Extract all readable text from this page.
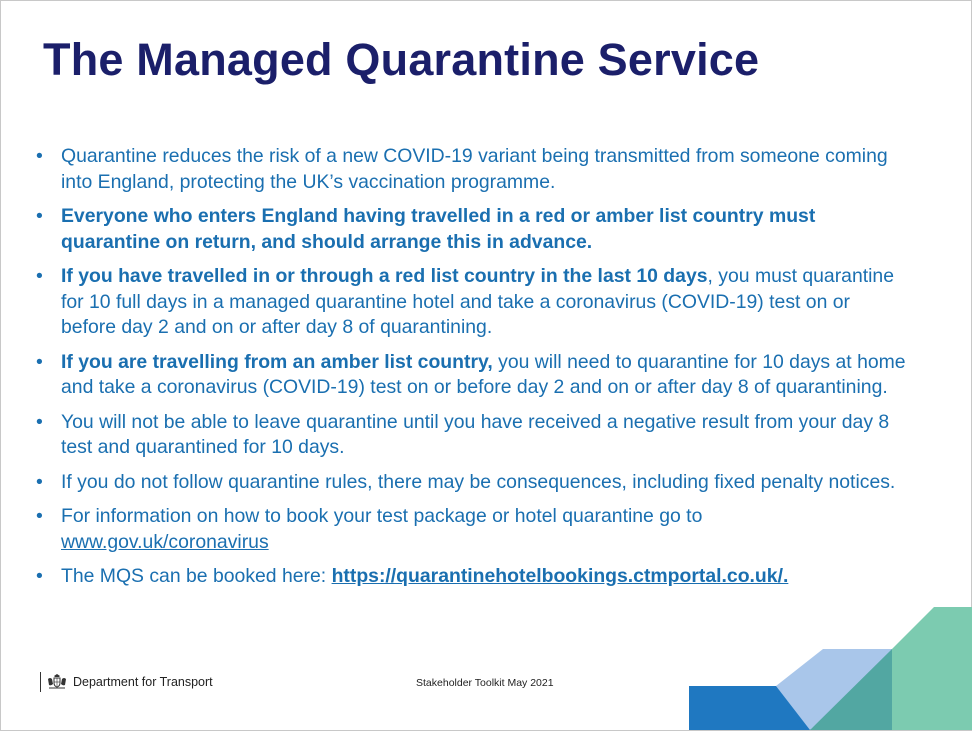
The Managed Quarantine Service
• Quarantine reduces the risk of a new COVID-19 variant being transmitted from someone coming into England, protecting the UK’s vaccination programme.
• Everyone who enters England having travelled in a red or amber list country must quarantine on return, and should arrange this in advance.
• If you have travelled in or through a red list country in the last 10 days, you must quarantine for 10 full days in a managed quarantine hotel and take a coronavirus (COVID-19) test on or before day 2 and on or after day 8 of quarantining.
• If you are travelling from an amber list country, you will need to quarantine for 10 days at home and take a coronavirus (COVID-19) test on or before day 2 and on or after day 8 of quarantining.
• You will not be able to leave quarantine until you have received a negative result from your day 8 test and quarantined for 10 days.
• If you do not follow quarantine rules, there may be consequences, including fixed penalty notices.
• For information on how to book your test package or hotel quarantine go to www.gov.uk/coronavirus
• The MQS can be booked here: https://quarantinehotelbookings.ctmportal.co.uk/.
Department for Transport	Stakeholder Toolkit May 2021
